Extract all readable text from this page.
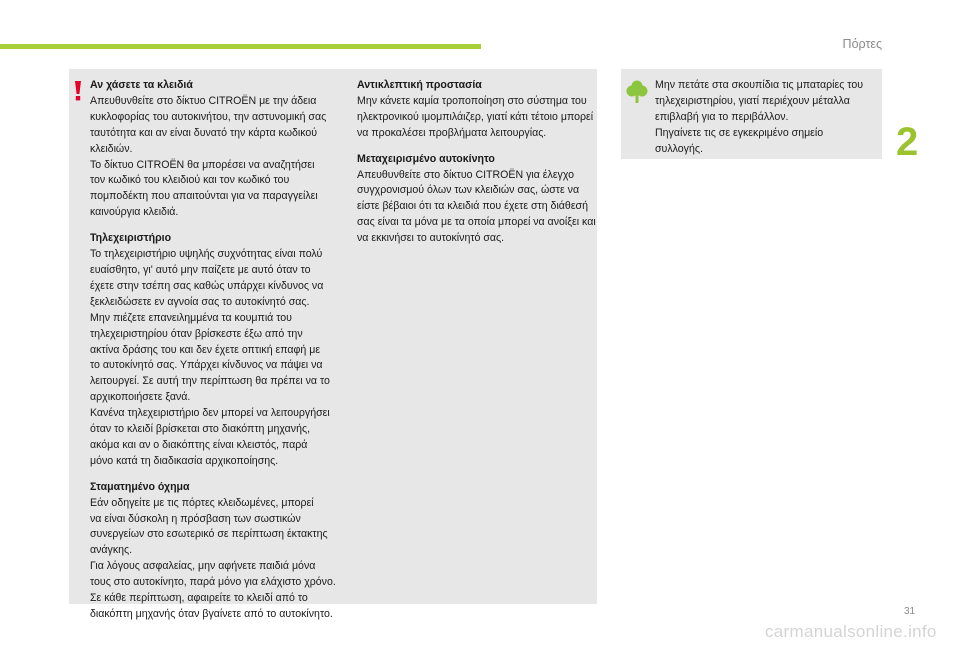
Πόρτες
2
Αν χάσετε τα κλειδιά

Απευθυνθείτε στο δίκτυο CITROËN με την άδεια
κυκλοφορίας του αυτοκινήτου, την αστυνομική σας
ταυτότητα και αν είναι δυνατό την κάρτα κωδικού
κλειδιών.
Το δίκτυο CITROËN θα μπορέσει να αναζητήσει
τον κωδικό του κλειδιού και τον κωδικό του
πομποδέκτη που απαιτούνται για να παραγγείλει
καινούργια κλειδιά.

Τηλεχειριστήριο

Το τηλεχειριστήριο υψηλής συχνότητας είναι πολύ
ευαίσθητο, γι' αυτό μην παίζετε με αυτό όταν το
έχετε στην τσέπη σας καθώς υπάρχει κίνδυνος να
ξεκλειδώσετε εν αγνοία σας το αυτοκίνητό σας.
Μην πιέζετε επανειλημμένα τα κουμπιά του
τηλεχειριστηρίου όταν βρίσκεστε έξω από την
ακτίνα δράσης του και δεν έχετε οπτική επαφή με
το αυτοκίνητό σας. Υπάρχει κίνδυνος να πάψει να
λειτουργεί. Σε αυτή την περίπτωση θα πρέπει να το
αρχικοποιήσετε ξανά.
Κανένα τηλεχειριστήριο δεν μπορεί να λειτουργήσει
όταν το κλειδί βρίσκεται στο διακόπτη μηχανής,
ακόμα και αν ο διακόπτης είναι κλειστός, παρά
μόνο κατά τη διαδικασία αρχικοποίησης.

Σταματημένο όχημα

Εάν οδηγείτε με τις πόρτες κλειδωμένες, μπορεί
να είναι δύσκολη η πρόσβαση των σωστικών
συνεργείων στο εσωτερικό σε περίπτωση έκτακτης
ανάγκης.
Για λόγους ασφαλείας, μην αφήνετε παιδιά μόνα
τους στο αυτοκίνητο, παρά μόνο για ελάχιστο χρόνο.
Σε κάθε περίπτωση, αφαιρείτε το κλειδί από το
διακόπτη μηχανής όταν βγαίνετε από το αυτοκίνητο.

Αντικλεπτική προστασία

Μην κάνετε καμία τροποποίηση στο σύστημα του
ηλεκτρονικού ιμομπιλάιζερ, γιατί κάτι τέτοιο μπορεί
να προκαλέσει προβλήματα λειτουργίας.

Μεταχειρισμένο αυτοκίνητο

Απευθυνθείτε στο δίκτυο CITROËN για έλεγχο
συγχρονισμού όλων των κλειδιών σας, ώστε να
είστε βέβαιοι ότι τα κλειδιά που έχετε στη διάθεσή
σας είναι τα μόνα με τα οποία μπορεί να ανοίξει και
να εκκινήσει το αυτοκίνητό σας.

Μην πετάτε στα σκουπίδια τις μπαταρίες του
τηλεχειριστηρίου, γιατί περιέχουν μέταλλα
επιβλαβή για το περιβάλλον.
Πηγαίνετε τις σε εγκεκριμένο σημείο
συλλογής.

31
carmanualsonline.info
